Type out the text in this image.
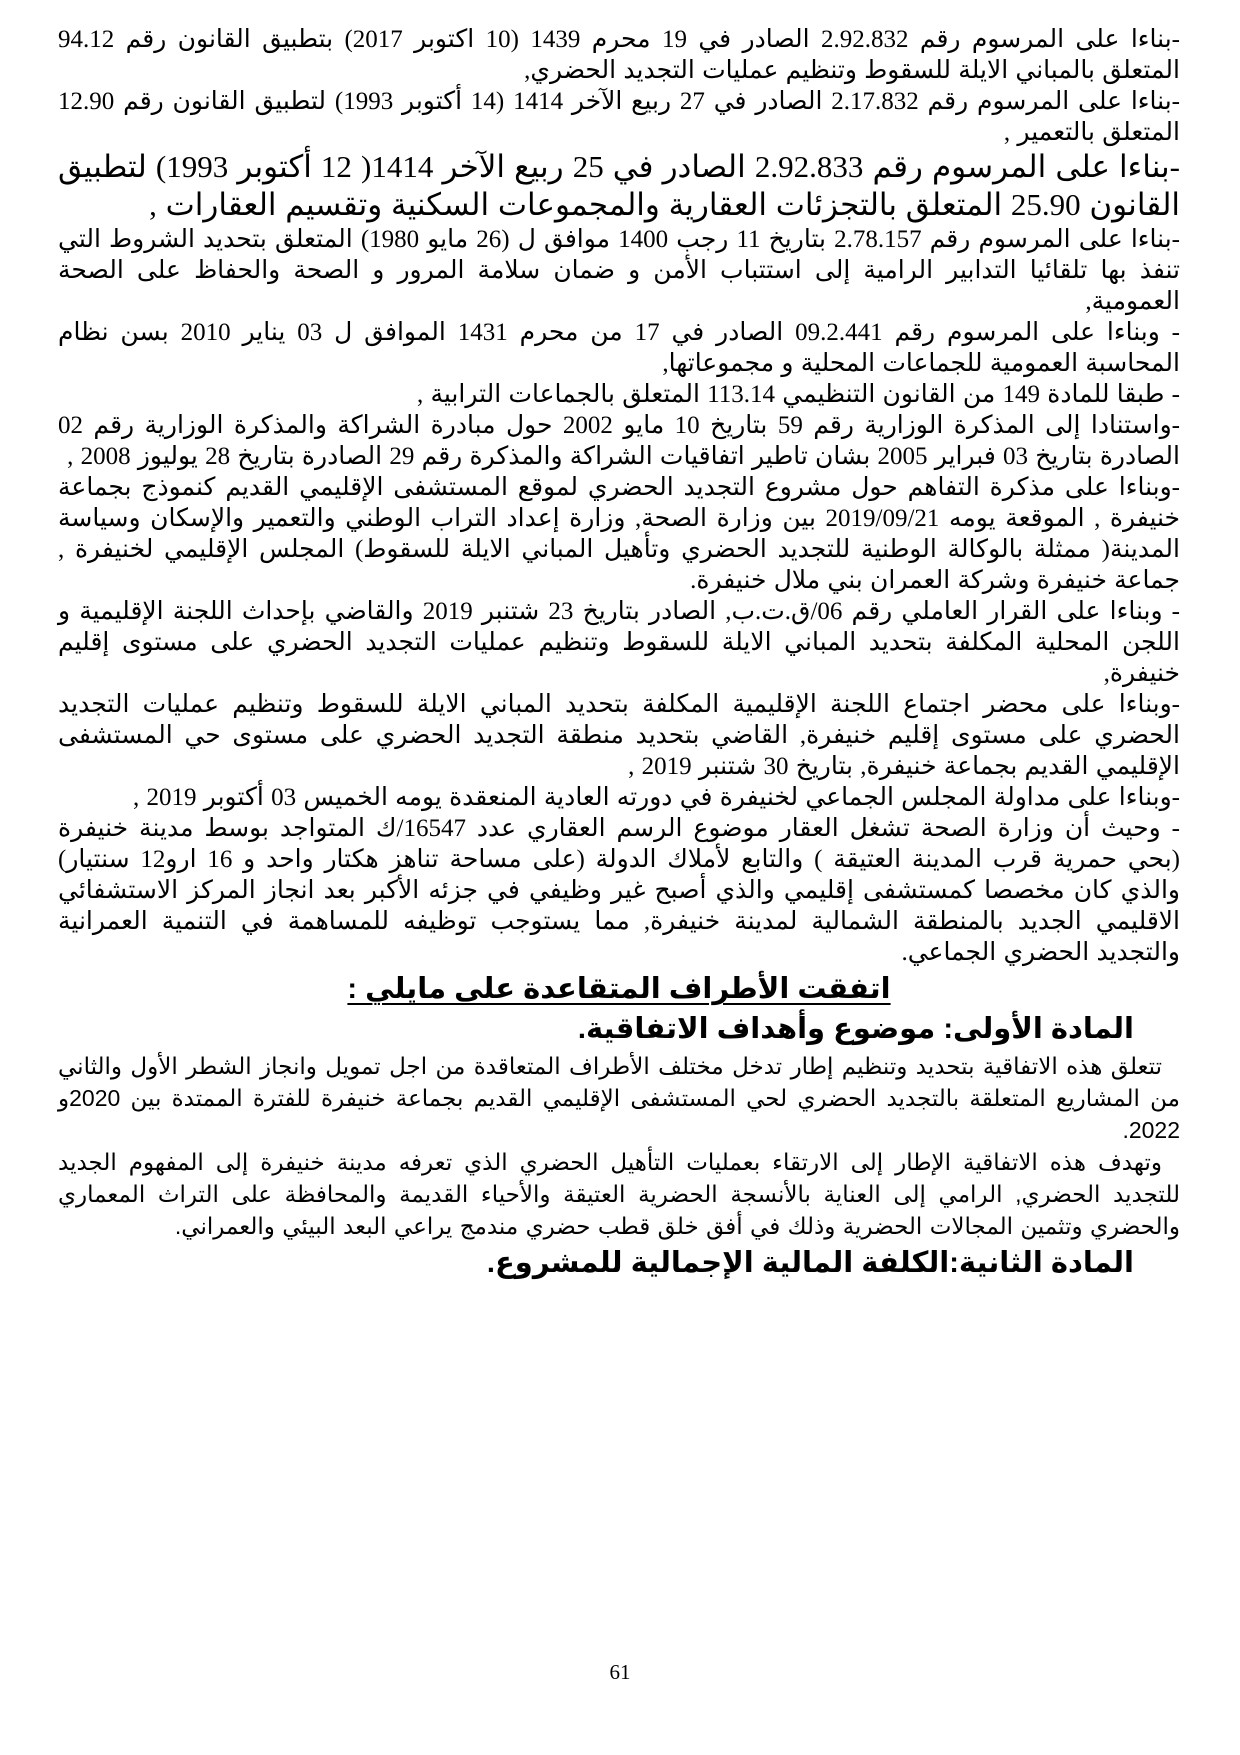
-بناءا على المرسوم رقم 2.92.832 الصادر في 19 محرم 1439 (10 اكتوبر 2017) بتطبيق القانون رقم 94.12 المتعلق بالمباني الايلة للسقوط وتنظيم عمليات التجديد الحضري,

-بناءا على المرسوم رقم 2.17.832 الصادر في 27 ربيع الآخر 1414 (14 أكتوبر 1993) لتطبيق القانون رقم 12.90 المتعلق بالتعمير ,

-بناءا على المرسوم رقم 2.92.833 الصادر في 25 ربيع الآخر 1414( 12 أكتوبر 1993) لتطبيق القانون 25.90 المتعلق بالتجزئات العقارية والمجموعات السكنية وتقسيم العقارات ,

-بناءا على المرسوم رقم 2.78.157 بتاريخ 11 رجب 1400 موافق ل (26 مايو 1980) المتعلق بتحديد الشروط التي تنفذ بها تلقائيا التدابير الرامية إلى استتباب الأمن و ضمان سلامة المرور و الصحة والحفاظ على الصحة العمومية,

- وبناءا على المرسوم رقم 09.2.441 الصادر في 17 من محرم 1431 الموافق ل 03 يناير 2010 بسن نظام المحاسبة العمومية للجماعات المحلية و مجموعاتها,

- طبقا للمادة 149 من القانون التنظيمي 113.14 المتعلق بالجماعات الترابية ,

-واستنادا إلى المذكرة الوزارية رقم 59 بتاريخ 10 مايو 2002 حول مبادرة الشراكة والمذكرة الوزارية رقم 02 الصادرة بتاريخ 03 فبراير 2005 بشان تاطير اتفاقيات الشراكة والمذكرة رقم 29 الصادرة بتاريخ 28 يوليوز 2008 ,

-وبناءا على مذكرة التفاهم حول مشروع التجديد الحضري لموقع المستشفى الإقليمي القديم كنموذج بجماعة خنيفرة , الموقعة يومه 2019/09/21 بين وزارة الصحة, وزارة إعداد التراب الوطني والتعمير والإسكان وسياسة المدينة( ممثلة بالوكالة الوطنية للتجديد الحضري وتأهيل المباني الايلة للسقوط) المجلس الإقليمي لخنيفرة , جماعة خنيفرة وشركة العمران بني ملال خنيفرة.

- وبناءا على القرار العاملي رقم 06/ق.ت.ب, الصادر بتاريخ 23 شتنبر 2019 والقاضي بإحداث اللجنة الإقليمية و اللجن المحلية المكلفة بتحديد المباني الايلة للسقوط وتنظيم عمليات التجديد الحضري على مستوى إقليم خنيفرة,

-وبناءا على محضر اجتماع اللجنة الإقليمية المكلفة بتحديد المباني الايلة للسقوط وتنظيم عمليات التجديد الحضري على مستوى إقليم خنيفرة, القاضي بتحديد منطقة التجديد الحضري على مستوى حي المستشفى الإقليمي القديم بجماعة خنيفرة, بتاريخ 30 شتنبر 2019 ,

-وبناءا على مداولة المجلس الجماعي لخنيفرة في دورته العادية المنعقدة يومه الخميس 03 أكتوبر 2019 ,

- وحيث أن وزارة الصحة تشغل العقار موضوع الرسم العقاري عدد 16547/ك المتواجد بوسط مدينة خنيفرة (بحي حمرية قرب المدينة العتيقة ) والتابع لأملاك الدولة (على مساحة تناهز هكتار واحد و 16 ارو12 سنتيار) والذي كان مخصصا كمستشفى إقليمي والذي أصبح غير وظيفي في جزئه الأكبر بعد انجاز المركز الاستشفائي الاقليمي الجديد بالمنطقة الشمالية لمدينة خنيفرة, مما يستوجب توظيفه للمساهمة في التنمية العمرانية والتجديد الحضري الجماعي.

اتفقت الأطراف المتقاعدة على مايلي :
المادة الأولى: موضوع وأهداف الاتفاقية.

تتعلق هذه الاتفاقية بتحديد وتنظيم إطار تدخل مختلف الأطراف المتعاقدة من اجل تمويل وانجاز الشطر الأول والثاني من المشاريع المتعلقة بالتجديد الحضري لحي المستشفى الإقليمي القديم بجماعة خنيفرة للفترة الممتدة بين 2020و 2022.

وتهدف هذه الاتفاقية الإطار إلى الارتقاء بعمليات التأهيل الحضري الذي تعرفه مدينة خنيفرة إلى المفهوم الجديد للتجديد الحضري, الرامي إلى العناية بالأنسجة الحضرية العتيقة والأحياء القديمة والمحافظة على التراث المعماري والحضري وتثمين المجالات الحضرية وذلك في أفق خلق قطب حضري مندمج يراعي البعد البيئي والعمراني.

المادة الثانية:الكلفة المالية الإجمالية للمشروع.
61
